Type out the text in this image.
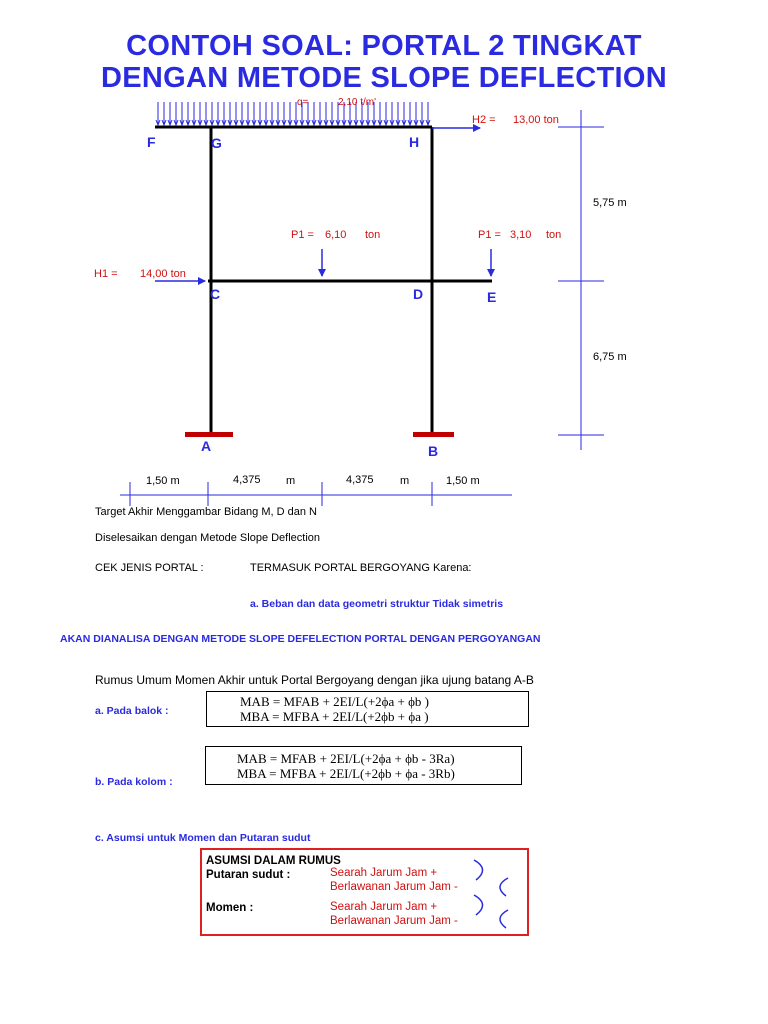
CONTOH SOAL: PORTAL 2 TINGKAT
DENGAN METODE SLOPE DEFLECTION
q=	2,10 t/m'
H2 = 13,00 ton
P1 = 6,10 ton	P1 = 3,10 ton
H1 = 14,00 ton
F	G	H
C	D	E
A	B
5,75 m
6,75 m
1,50 m	4,375 m	4,375 m	1,50 m
Target Akhir Menggambar Bidang M, D dan N
Diselesaikan dengan Metode Slope Deflection
CEK JENIS PORTAL :	TERMASUK PORTAL BERGOYANG Karena:
a. Beban dan data geometri struktur Tidak simetris
AKAN DIANALISA DENGAN METODE SLOPE DEFELECTION PORTAL DENGAN PERGOYANGAN
Rumus Umum Momen Akhir untuk Portal Bergoyang dengan jika ujung batang A-B
a. Pada balok :
b. Pada kolom :
c. Asumsi untuk Momen dan Putaran sudut
MAB = MFAB + 2EI/L(+2ϕa + ϕb )
MBA = MFBA + 2EI/L(+2ϕb + ϕa )
MAB = MFAB + 2EI/L(+2ϕa + ϕb - 3Ra)
MBA = MFBA + 2EI/L(+2ϕb + ϕa - 3Rb)
ASUMSI DALAM RUMUS
Putaran sudut :	Searah Jarum Jam +
Berlawanan Jarum Jam -
Momen :	Searah Jarum Jam +
Berlawanan Jarum Jam -
